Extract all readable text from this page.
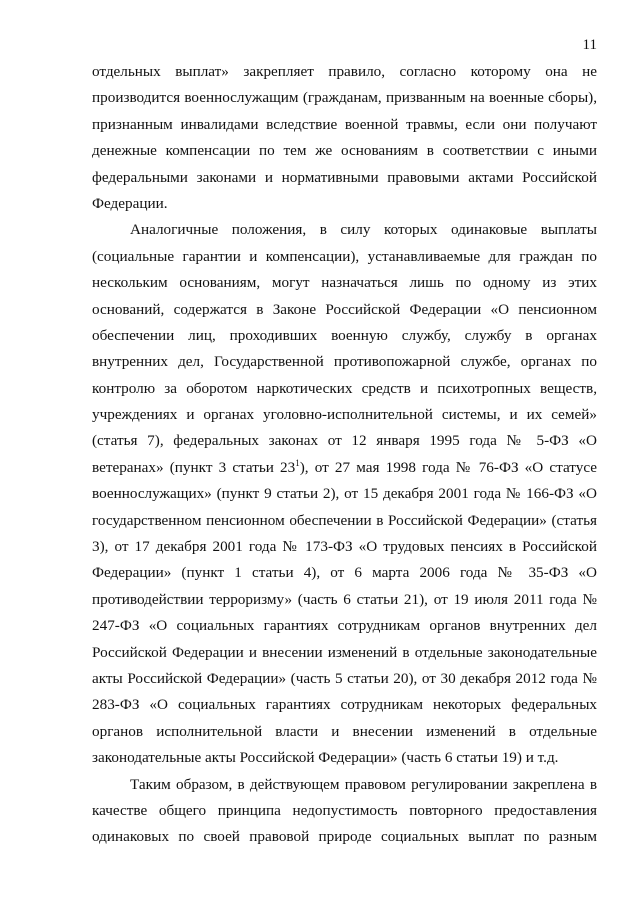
11
отдельных выплат» закрепляет правило, согласно которому она не
производится военнослужащим (гражданам, призванным на военные сборы),
признанным инвалидами вследствие военной травмы, если они получают
денежные компенсации по тем же основаниям в соответствии с иными
федеральными законами и нормативными правовыми актами Российской
Федерации.
Аналогичные положения, в силу которых одинаковые выплаты
(социальные гарантии и компенсации), устанавливаемые для граждан по
нескольким основаниям, могут назначаться лишь по одному из этих
оснований, содержатся в Законе Российской Федерации «О пенсионном
обеспечении лиц, проходивших военную службу, службу в органах
внутренних дел, Государственной противопожарной службе, органах по
контролю за оборотом наркотических средств и психотропных веществ,
учреждениях и органах уголовно-исполнительной системы, и их семей»
(статья 7), федеральных законах от 12 января 1995 года № 5-ФЗ «О
ветеранах» (пункт 3 статьи $23^1$), от 27 мая 1998 года № 76-ФЗ «О статусе
военнослужащих» (пункт 9 статьи 2), от 15 декабря 2001 года № 166-ФЗ «О
государственном пенсионном обеспечении в Российской Федерации» (статья
3), от 17 декабря 2001 года № 173-ФЗ «О трудовых пенсиях в Российской
Федерации» (пункт 1 статьи 4), от 6 марта 2006 года № 35-ФЗ «О
противодействии терроризму» (часть 6 статьи 21), от 19 июля 2011 года №
247-ФЗ «О социальных гарантиях сотрудникам органов внутренних дел
Российской Федерации и внесении изменений в отдельные законодательные
акты Российской Федерации» (часть 5 статьи 20), от 30 декабря 2012 года №
283-ФЗ «О социальных гарантиях сотрудникам некоторых федеральных
органов исполнительной власти и внесении изменений в отдельные
законодательные акты Российской Федерации» (часть 6 статьи 19) и т.д.
Таким образом, в действующем правовом регулировании закреплена в
качестве общего принципа недопустимость повторного предоставления
одинаковых по своей правовой природе социальных выплат по разным
